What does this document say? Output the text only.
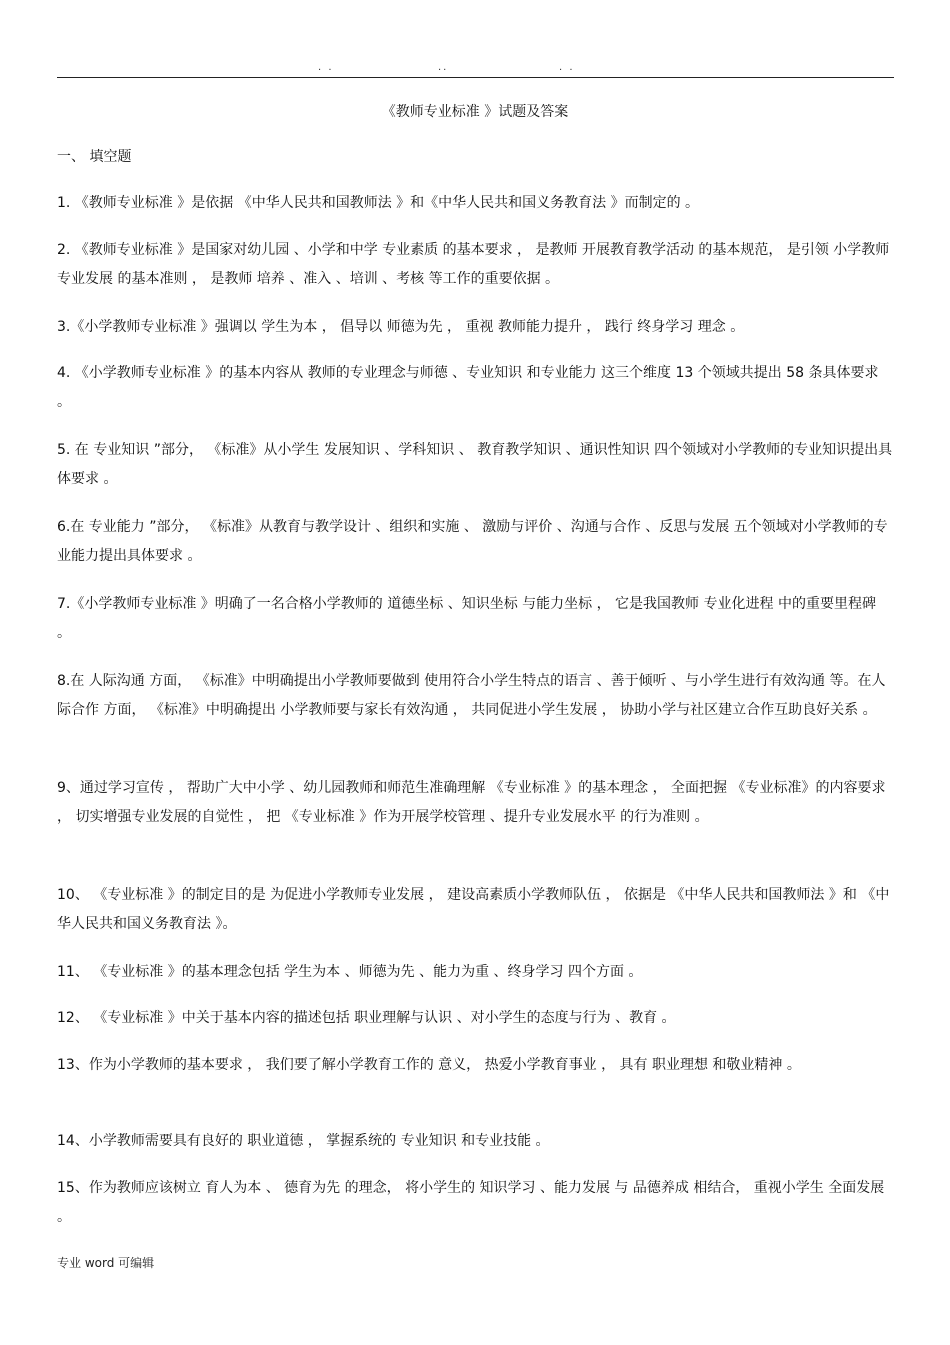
. .	..	. .
《教师专业标准 》试题及答案
一、 填空题
1. 《教师专业标准 》是依据 《中华人民共和国教师法 》和《中华人民共和国义务教育法 》而制定的 。
2. 《教师专业标准 》是国家对幼儿园 、小学和中学 专业素质 的基本要求 ， 是教师 开展教育教学活动 的基本规范， 是引领 小学教师专业发展 的基本准则 ， 是教师 培养 、准入 、培训 、考核 等工作的重要依据 。
3.《小学教师专业标准 》强调以 学生为本 ， 倡导以 师德为先 ， 重视 教师能力提升 ， 践行 终身学习 理念 。
4. 《小学教师专业标准 》的基本内容从 教师的专业理念与师德 、专业知识 和专业能力 这三个维度 13 个领域共提出 58 条具体要求 。
5. 在 专业知识 ”部分， 《标准》从小学生 发展知识 、学科知识 、 教育教学知识 、通识性知识 四个领域对小学教师的专业知识提出具体要求 。
6.在 专业能力 ”部分， 《标准》从教育与教学设计 、组织和实施 、 激励与评价 、沟通与合作 、反思与发展 五个领域对小学教师的专业能力提出具体要求 。
7.《小学教师专业标准 》明确了一名合格小学教师的 道德坐标 、知识坐标 与能力坐标 ， 它是我国教师 专业化进程 中的重要里程碑 。
8.在 人际沟通 方面， 《标准》中明确提出小学教师要做到 使用符合小学生特点的语言 、善于倾听 、与小学生进行有效沟通 等。在人际合作 方面， 《标准》中明确提出 小学教师要与家长有效沟通 ， 共同促进小学生发展 ， 协助小学与社区建立合作互助良好关系 。
9、通过学习宣传 ， 帮助广大中小学 、幼儿园教师和师范生准确理解 《专业标准 》的基本理念 ， 全面把握 《专业标准》的内容要求 ， 切实增强专业发展的自觉性 ， 把 《专业标准 》作为开展学校管理 、提升专业发展水平 的行为准则 。
10、 《专业标准 》的制定目的是 为促进小学教师专业发展 ， 建设高素质小学教师队伍 ， 依据是 《中华人民共和国教师法 》和 《中华人民共和国义务教育法 》。
11、 《专业标准 》的基本理念包括 学生为本 、师德为先 、能力为重 、终身学习 四个方面 。
12、 《专业标准 》中关于基本内容的描述包括 职业理解与认识 、对小学生的态度与行为 、教育 。
13、作为小学教师的基本要求 ， 我们要了解小学教育工作的 意义， 热爱小学教育事业 ， 具有 职业理想 和敬业精神 。
14、小学教师需要具有良好的 职业道德 ， 掌握系统的 专业知识 和专业技能 。
15、作为教师应该树立 育人为本 、 德育为先 的理念， 将小学生的 知识学习 、能力发展 与 品德养成 相结合， 重视小学生 全面发展 。
专业 word 可编辑
